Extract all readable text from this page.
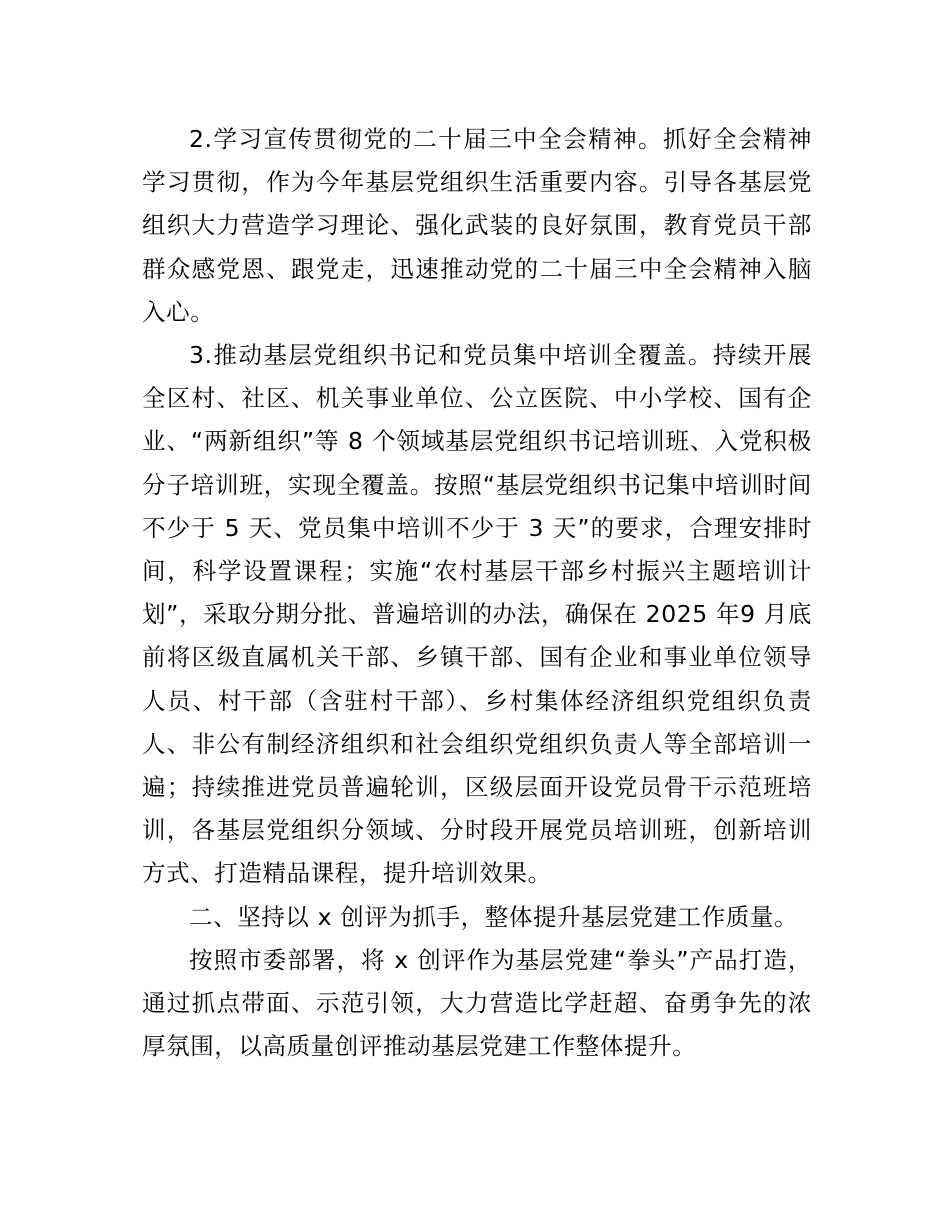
2.学习宣传贯彻党的二十届三中全会精神。抓好全会精神学习贯彻，作为今年基层党组织生活重要内容。引导各基层党组织大力营造学习理论、强化武装的良好氛围，教育党员干部群众感党恩、跟党走，迅速推动党的二十届三中全会精神入脑入心。

3.推动基层党组织书记和党员集中培训全覆盖。持续开展全区村、社区、机关事业单位、公立医院、中小学校、国有企业、“两新组织”等 8 个领域基层党组织书记培训班、入党积极分子培训班，实现全覆盖。按照“基层党组织书记集中培训时间不少于 5 天、党员集中培训不少于 3 天”的要求，合理安排时间，科学设置课程；实施“农村基层干部乡村振兴主题培训计划”，采取分期分批、普遍培训的办法，确保在 2025 年9 月底前将区级直属机关干部、乡镇干部、国有企业和事业单位领导人员、村干部（含驻村干部）、乡村集体经济组织党组织负责人、非公有制经济组织和社会组织党组织负责人等全部培训一遍；持续推进党员普遍轮训，区级层面开设党员骨干示范班培训，各基层党组织分领域、分时段开展党员培训班，创新培训方式、打造精品课程，提升培训效果。

二、坚持以 x 创评为抓手，整体提升基层党建工作质量。

按照市委部署，将 x 创评作为基层党建“拳头”产品打造，通过抓点带面、示范引领，大力营造比学赶超、奋勇争先的浓厚氛围，以高质量创评推动基层党建工作整体提升。
